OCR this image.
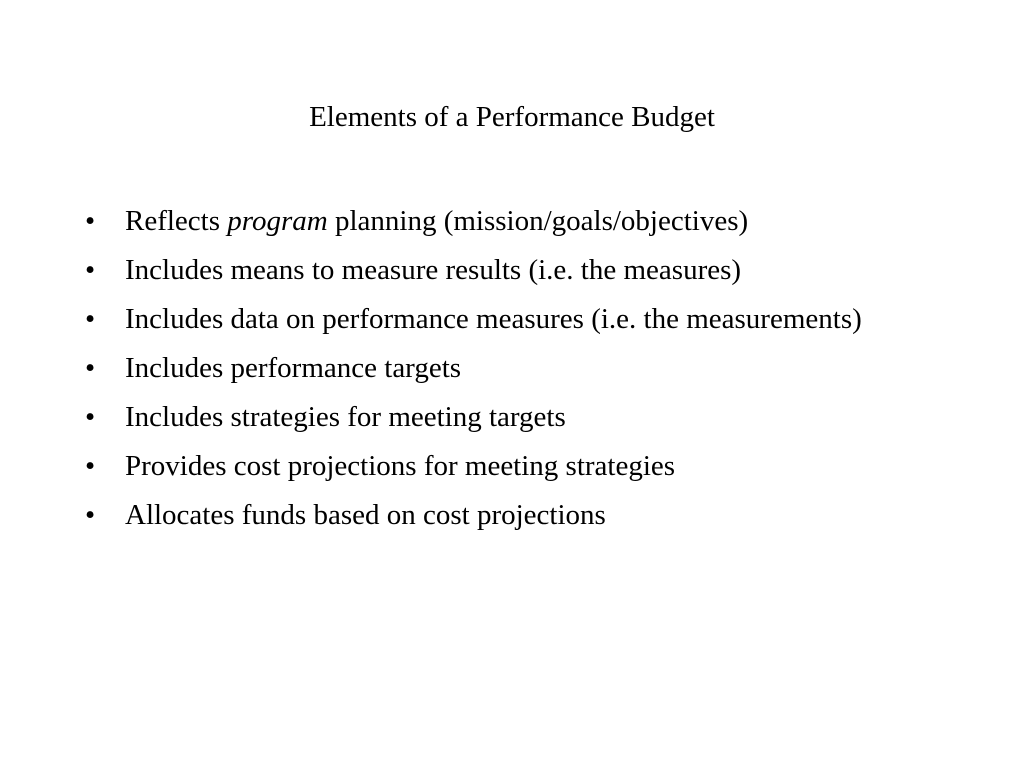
Elements of a Performance Budget
•	Reflects program planning (mission/goals/objectives)
•	Includes means to measure results (i.e. the measures)
•	Includes data on performance measures (i.e. the measurements)
•	Includes performance targets
•	Includes strategies for meeting targets
•	Provides cost projections for meeting strategies
•	Allocates funds based on cost projections
